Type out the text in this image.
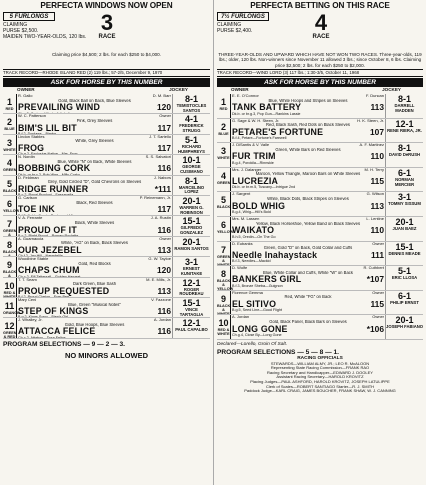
PERFECTA WINDOWS NOW OPEN
5 FURLONGS
CLAIMING
PURSE $2,500.
MAIDEN TWO-YEAR-OLDS, 120 lbs.
3
RACE
Claiming price $4,500; 2 lbs. for each $250 to $4,000.
TRACK RECORD—RHODE ISLAND RED (2) 119 lbs.; 57-2/5, December 9, 1970
ASK FOR HORSE BY THIS NUMBER
OWNER	JOCKEY
1
RED
R. Gallo	D. M. Barr
Gold, Black Ball on Back, Blue Sleeves
PREVAILING WIND	120
8-1
TEMISTOCLES SANTOS
2
BLUE
W. C. Patterson	Owner
Pink, Grey Sleeves
BIM'S LIL BIT	117
4-1
FREDERICK STRUGG
3
WHITE
Lindon Stables	J. T. Sartello
White, Grey Sleeves
FROG	117
5-1
RICHARD HUMPHREYS
4
GREEN
N. Nordin	S. S. Salvatori
Blue, White "N" on Back, White Sleeves
BOBBING CORK	116
10-1
GEORGE CUSIMANO
5
BLACK
D. Feldman	J. Nabors
Grey, Gold Circled "D", Gold Chevrons on Sleeves
RIDGE RUNNER	*111
8-1
MARCELINO LOPEZ
6
YELLOW
G. Carlson	P. Reinemann, Jr.
Black, Red Sleeves
TOE INK	117
20-1
WARREN G. ROBINSON
7
GREEN &
V. A. Ferrante	J. A. Rustin
Black, White Sleeves
PROUD OF IT	116
15-1
GILFREDO GONZALEZ
8
BLACK &
A. Guarnaccia	Owner
White, "AG" on Back, Black Sleeves
OUR JEZEBEL	113
20-1
RAMON SANTOS
9
BLACK &
Woodbine Stable	G. W. Tayloe
Gold, Red Blocks
CHAPS CHUM	120
3-1
ERNEST KUNITAKE
10
RED & WHITE
T. T. Seam	M. E. Mills, Jr.
Dark Green, Blue Sash
PROUP REQUESTED	113
12-1
ROGER ROUDREAU
11
ORANGE
Mary Ceni	V. Fazzone
Blue, Green "Musical Notes"
STEP OF KINGS	116
15-1
VINCE TARTAGLIA
12
GREEN & RED
J. Whalley, Jr.	A. Jordan
Gold, Blue Hoops, Blue Sleeves
ATTACCA FELICE	116
12-1
PAUL CAPALBO
PROGRAM SELECTIONS — 9 — 2 — 3.
NO MINORS ALLOWED
PERFECTA BETTING ON THIS RACE
7½ FURLONGS
CLAIMING
PURSE $2,400.	4
RACE
THREE-YEAR-OLDS AND UPWARD WHICH HAVE NOT WON TWO RACES. Three-year-olds, 119 lbs.; older, 120 lbs. Non-winners since November 11 allowed 3 lbs.; since October 8, 6 lbs. Claiming price $2,500; 2 lbs. for each $250 to $2,000.
TRACK RECORD—WIND LORD (3) 117 lbs.; 1:30-3/5, October 11, 1968
ASK FOR HORSE BY THIS NUMBER
OWNER	JOCKEY
1
RED
E. E. O'Connor	F. Duncan
Blue, White Hoops and Stripes on Sleeves
TANK BATTERY	113
Dk.b. or br.g.3, Pop Gun—Rankins Lassie
8-1
DARRELL MADDEN
2
BLUE
G. Sage & W. H. Steen, Jr.	H. K. Steen, Jr.
Red, Black Sash, Red Dots on Black Sleeves
PETARE'S FORTUNE	107
B.f.4, Petare—Fortune's Farewell
12-1
RENE RIERA, JR.
3
WHITE
J. DiSantis & V. Valle	A. F. Martinez
Green, White Bars on Red Sleeves
FUR TRIM	110
B.g.4, Porokila—Rinnskie
8-1
DAVID DeRUSH
4
GREEN
Mrs. J. Dalanger	M. H. Terry
Maroon, Yellow Triangle, Maroon Bars on White Sleeves
LUCREZIA	115
Dk.b. or br.m.5, Tuscany—Intrigue 2nd
6-1
NORMAN MERCIER
5
BLACK
J. Sargent	G. Wilson
White, Black Dots, Black Stripes on Sleeves
BOLD WHIG	113
B.g.4, Whig—Hill's Bold
3-1
TOMMY SISSUM
6
YELLOW
Mrs. M. Lassen	L. Lentine
Yellow, Black Horseshoe, Yellow Band on Black Sleeves
WAIKATO	110
B.h.5, Oredin—On The Go
20-1
JUAN BAEZ
7
GREEN & WHITE
D. Eubanks	Owner
Green, Gold "D" on Back, Gold Collar and Cuffs
Needle Inahaystack	111
B.f.3, Needles—Mackid
15-1
DENNIS MEADE
8
BLACK & YELLOW
D. Wolfe	R. Cuthbert
Blue, White Collar and Cuffs, White "W" on Back
BANKERS GIRL	*107
B.f.3, Bronze Sheba—Guignon
5-1
ERIC LLOSA
9
BLACK & WHITE
Florence Gemma	Owner
Red, White "FG" on Back
EL SITIVO	115
B.g.5, Seed Line—Good Flight
6-1
PHILIP ERNST
10
RED & WHITE
A. Jordan	Owner
Gold, Black Panel, Black Bars on Sleeves
LONG GONE	*106
Ch.g.4, Close By—Long Gone
20-1
JOSEPH FABIANO
Declared—Lorello, Groin Of Salt.
PROGRAM SELECTIONS — 5 — 8 — 1.
RACING OFFICIALS
STEWARDS—WILLIAM ALMY, JR.; LEO R. McALOON
Representing State Racing Commission—FRANK RAO
Racing Secretary and Handicapper—EDWARD J. DOOLEY
Assistant Racing Secretary—HAROLD KROVITZ
Placing Judges—PAUL ASHFORD, HAROLD KROVITZ, JOSEPH LATULIPPE
Clerk of Scales—ROBERT SANTIAGO Starter—R. J. SMITH
Paddock Judge—KARL CRAIG, JAMES BOUCHER, FRANK SHAW, W. J. CANNING
